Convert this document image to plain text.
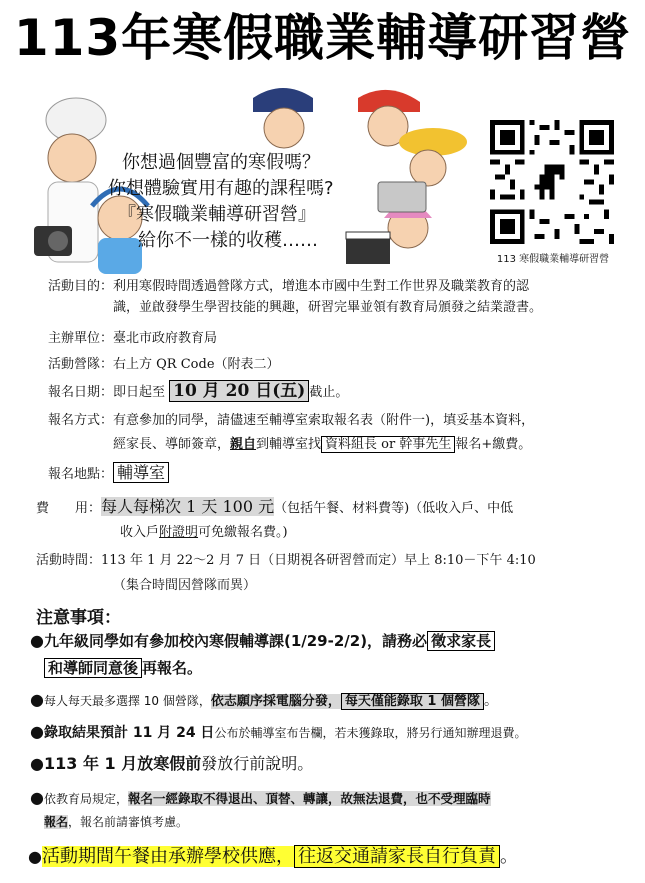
113年寒假職業輔導研習營
你想過個豐富的寒假嗎？
你想體驗實用有趣的課程嗎?
『寒假職業輔導研習營』
給你不一樣的收穫……
113 寒假職業輔導研習營
活動目的：利用寒假時間透過營隊方式，增進本市國中生對工作世界及職業教育的認
識，並啟發學生學習技能的興趣，研習完畢並領有教育局頒發之結業證書。
主辦單位：臺北市政府教育局
活動營隊：右上方 QR Code（附表二）
報名日期：即日起至 10 月 20 日(五) 截止。
報名方式：有意參加的同學，請儘速至輔導室索取報名表（附件一)，填妥基本資料，
經家長、導師簽章，親自到輔導室找 資料組長 or 幹事先生 報名+繳費。
報名地點： 輔導室
費　　用：每人每梯次 1 天 100 元（包括午餐、材料費等)（低收入戶、中低
收入戶附證明可免繳報名費。)
活動時間：113 年 1 月 22～2 月 7 日（日期視各研習營而定）早上 8:10－下午 4:10
（集合時間因營隊而異）
注意事項：
●九年級同學如有參加校內寒假輔導課(1/29-2/2)，請務必 徵求家長
和導師同意後 再報名。
●每人每天最多選擇 10 個營隊，依志願序採電腦分發， 每天僅能錄取 1 個營隊 。
●錄取結果預計 11 月 24 日公布於輔導室布告欄，若未獲錄取，將另行通知辦理退費。
●113 年 1 月放寒假前發放行前說明。
●依教育局規定，報名一經錄取不得退出、頂替、轉讓，故無法退費，也不受理臨時
報名，報名前請審慎考慮。
●活動期間午餐由承辦學校供應， 往返交通請家長自行負責 。
